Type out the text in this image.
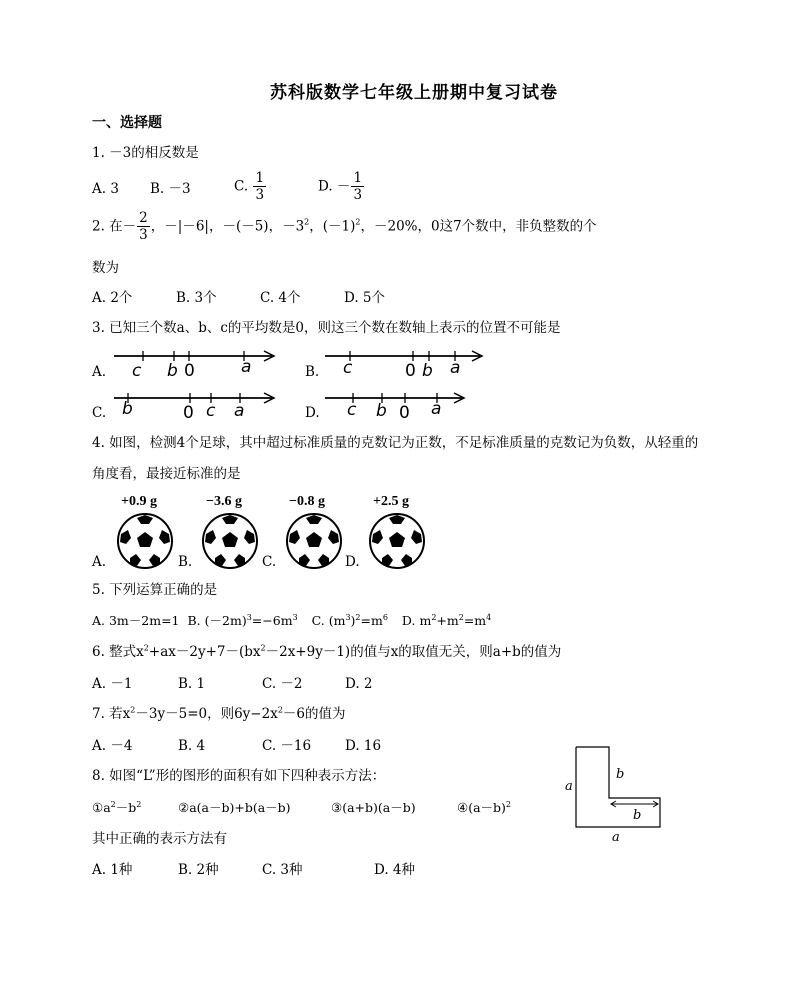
苏科版数学七年级上册期中复习试卷
一、选择题
1. －3的相反数是
A. 3 B. －3	C. $\frac{1}{3}$	D. － $\frac{1}{3}$
2. 在－ $\frac{2}{3}$ ，－|－6|，－(－5)，$-3^2$，$(-1)^2$，－20%，0这7个数中，非负整数的个
数为
A. 2个	B. 3个	C. 4个	D. 5个
3. 已知三个数a、b、c的平均数是0，则这三个数在数轴上表示的位置不可能是
A.	B.
C.	D.
c b 0	a	c	0 b a
b	0 c a	c b 0 a
4. 如图，检测4个足球，其中超过标准质量的克数记为正数，不足标准质量的克数记为负数，从轻重的
角度看，最接近标准的是
+0.9 g	−3.6 g	−0.8 g	+2.5 g
A.	B.	C.	D.
5. 下列运算正确的是
A. 3m－2m=1 B. $(-2m)^3=-6m^3$ C. $(m^3)^2=m^6$ D. $m^2+m^2=m^4$
6. 整式$x^2+ax-2y+7-(bx^2-2x+9y-1)$的值与x的取值无关，则a+b的值为
A. －1	B. 1	C. －2	D. 2
7. 若$x^2-3y-5=0$，则$6y-2x^2-6$的值为
A. －4	B. 4	C. －16	D. 16
8. 如图“L”形的图形的面积有如下四种表示方法：
$①a^2-b^2$	②a(a－b)+b(a－b)	③(a+b)(a－b)	$④(a-b)^2$
其中正确的表示方法有
A. 1种	B. 2种	C. 3种	D. 4种
a
b
b
a
